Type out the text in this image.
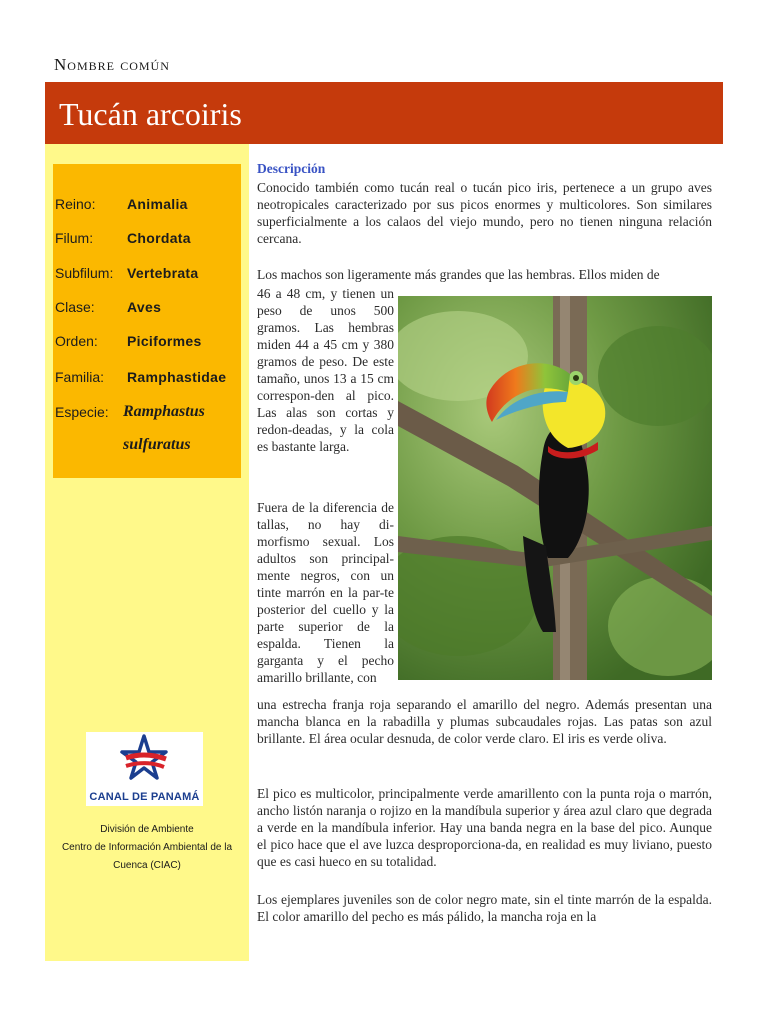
Nombre común
Tucán arcoiris
Reino:	Animalia
Filum:	Chordata
Subfilum: Vertebrata
Clase:	Aves
Orden:	Piciformes
Familia:	Ramphastidae
Especie: Ramphastus
sulfuratus
CANAL DE PANAMÁ
División de Ambiente
Centro de Información Ambiental de la
Cuenca (CIAC)
Descripción
Conocido también como tucán real o tucán pico iris, pertenece a un grupo aves neotropicales caracterizado por sus picos enormes y multicolores. Son similares superficialmente a los calaos del viejo mundo, pero no tienen ninguna relación cercana.
Los machos son ligeramente más grandes que las hembras. Ellos miden de
46 a 48 cm, y tienen un peso de unos 500 gramos. Las hembras miden 44 a 45 cm y 380 gramos de peso. De este tamaño, unos 13 a 15 cm correspon-den al pico. Las alas son cortas y redon-deadas, y la cola es bastante larga.
Fuera de la diferencia de tallas, no hay di-morfismo sexual. Los adultos son principal-mente negros, con un tinte marrón en la par-te posterior del cuello y la parte superior de la espalda. Tienen la garganta y el pecho amarillo brillante, con
una estrecha franja roja separando el amarillo del negro. Además presentan una mancha blanca en la rabadilla y plumas subcaudales rojas. Las patas son azul brillante. El área ocular desnuda, de color verde claro. El iris es verde oliva.
El pico es multicolor, principalmente verde amarillento con la punta roja o marrón, ancho listón naranja o rojizo en la mandíbula superior y área azul claro que degrada a verde en la mandíbula inferior. Hay una banda negra en la base del pico. Aunque el pico hace que el ave luzca desproporciona-da, en realidad es muy liviano, puesto que es casi hueco en su totalidad.
Los ejemplares juveniles son de color negro mate, sin el tinte marrón de la espalda. El color amarillo del pecho es más pálido, la mancha roja en la
